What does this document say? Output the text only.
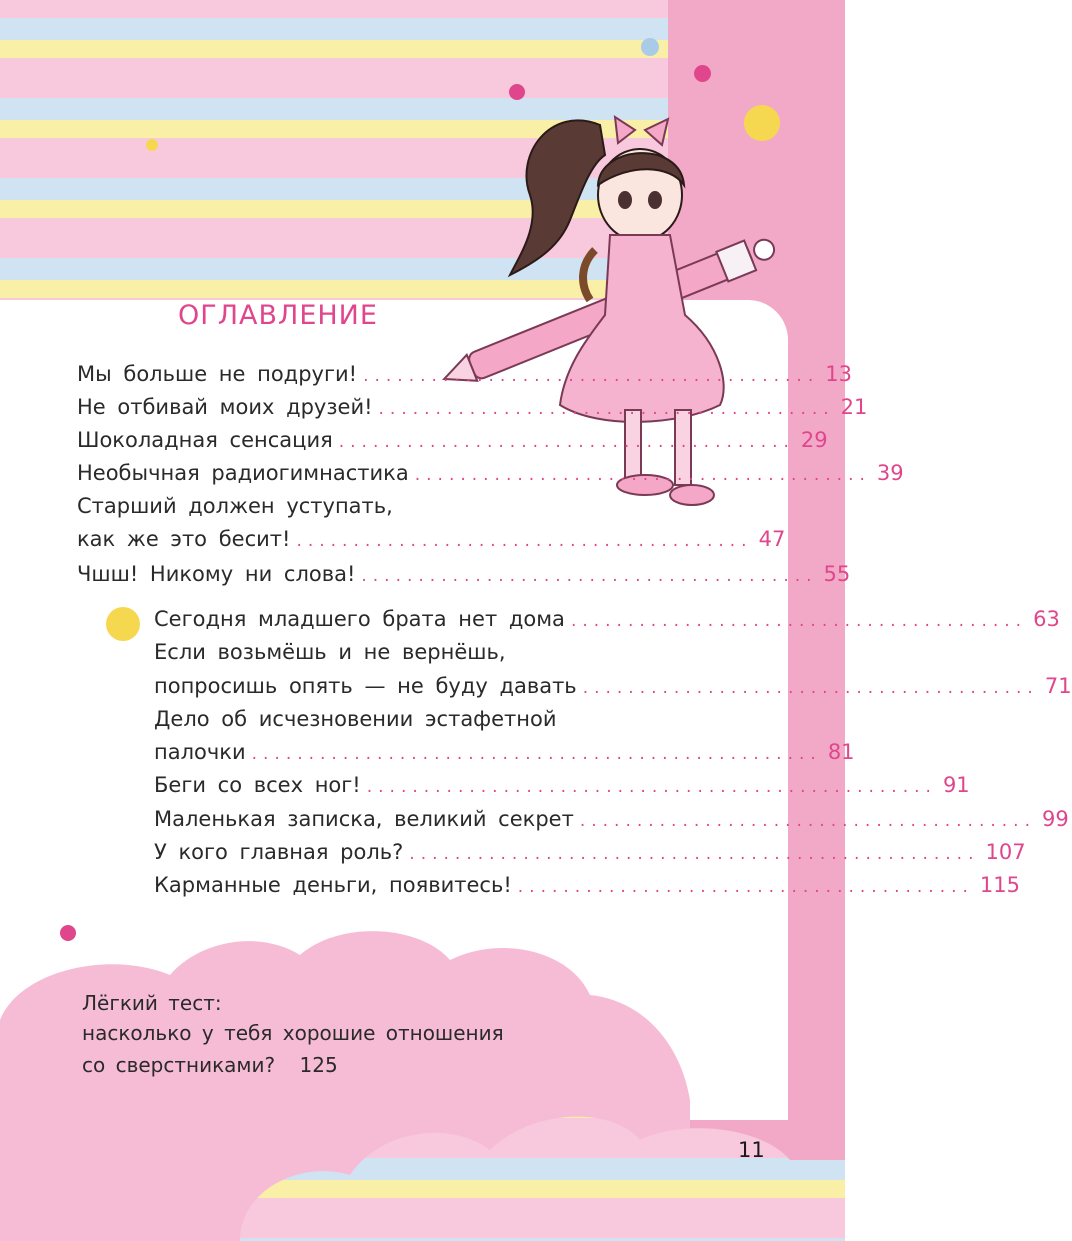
ОГЛАВЛЕНИЕ
Мы больше не подруги! ........................................ 13
Не отбивай моих друзей! ........................................ 21
Шоколадная сенсация ........................................ 29
Необычная радиогимнастика ........................................ 39
Старший должен уступать,
как же это бесит! ........................................ 47
Чшш! Никому ни слова! ........................................ 55
Сегодня младшего брата нет дома ........................................ 63
Если возьмёшь и не вернёшь,
попросишь опять — не буду давать ........................................ 71
Дело об исчезновении эстафетной
палочки .................................................. 81
Беги со всех ног! .................................................. 91
Маленькая записка, великий секрет ........................................ 99
У кого главная роль? .................................................. 107
Карманные деньги, появитесь! ........................................ 115
Лёгкий тест:
насколько у тебя хорошие отношения
со сверстниками? 125
11
